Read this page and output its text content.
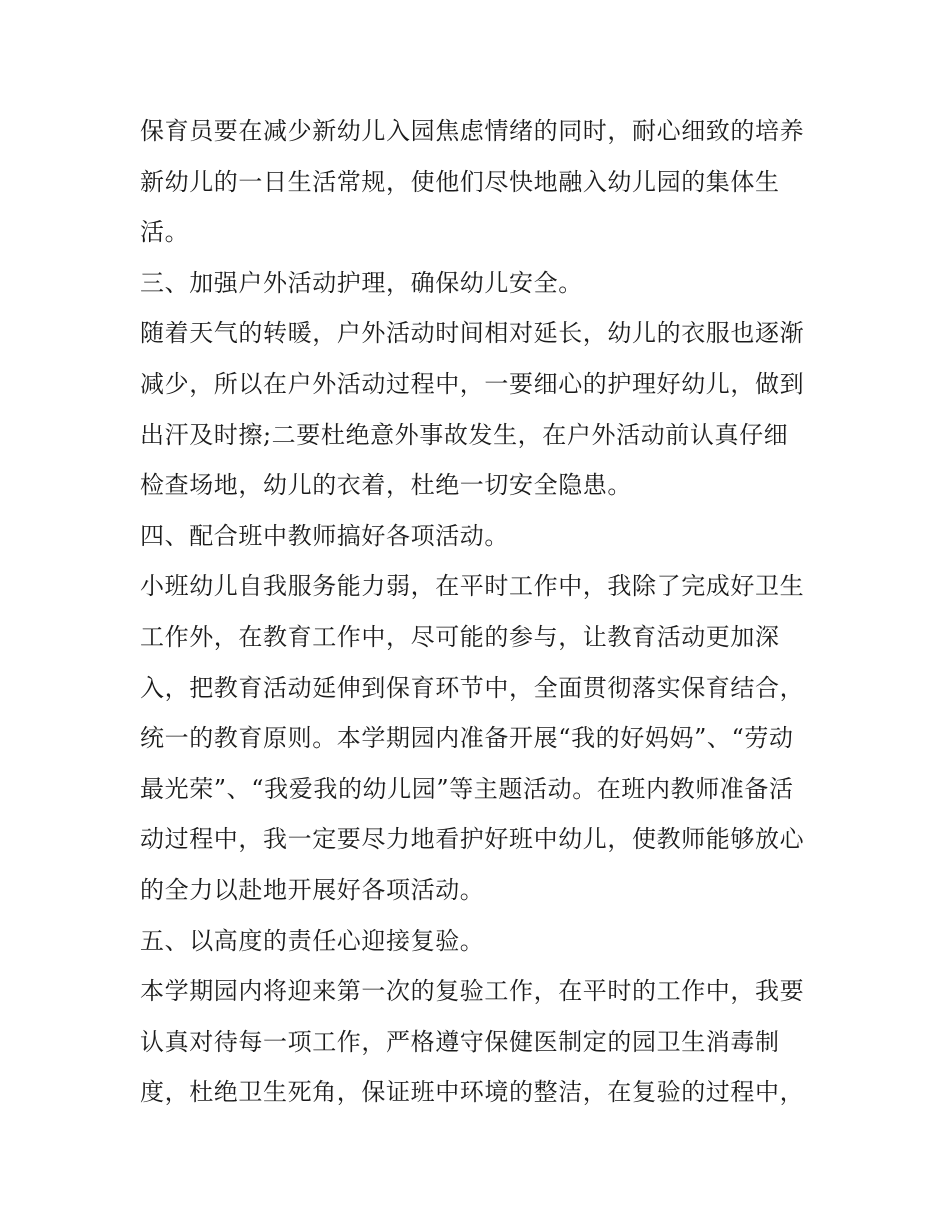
保育员要在减少新幼儿入园焦虑情绪的同时，耐心细致的培养
新幼儿的一日生活常规，使他们尽快地融入幼儿园的集体生
活。
三、加强户外活动护理，确保幼儿安全。
随着天气的转暖，户外活动时间相对延长，幼儿的衣服也逐渐
减少，所以在户外活动过程中，一要细心的护理好幼儿，做到
出汗及时擦;二要杜绝意外事故发生，在户外活动前认真仔细
检查场地，幼儿的衣着，杜绝一切安全隐患。
四、配合班中教师搞好各项活动。
小班幼儿自我服务能力弱，在平时工作中，我除了完成好卫生
工作外，在教育工作中，尽可能的参与，让教育活动更加深
入，把教育活动延伸到保育环节中，全面贯彻落实保育结合，
统一的教育原则。本学期园内准备开展“我的好妈妈”、“劳动
最光荣”、“我爱我的幼儿园”等主题活动。在班内教师准备活
动过程中，我一定要尽力地看护好班中幼儿，使教师能够放心
的全力以赴地开展好各项活动。
五、以高度的责任心迎接复验。
本学期园内将迎来第一次的复验工作，在平时的工作中，我要
认真对待每一项工作，严格遵守保健医制定的园卫生消毒制
度，杜绝卫生死角，保证班中环境的整洁，在复验的过程中，
